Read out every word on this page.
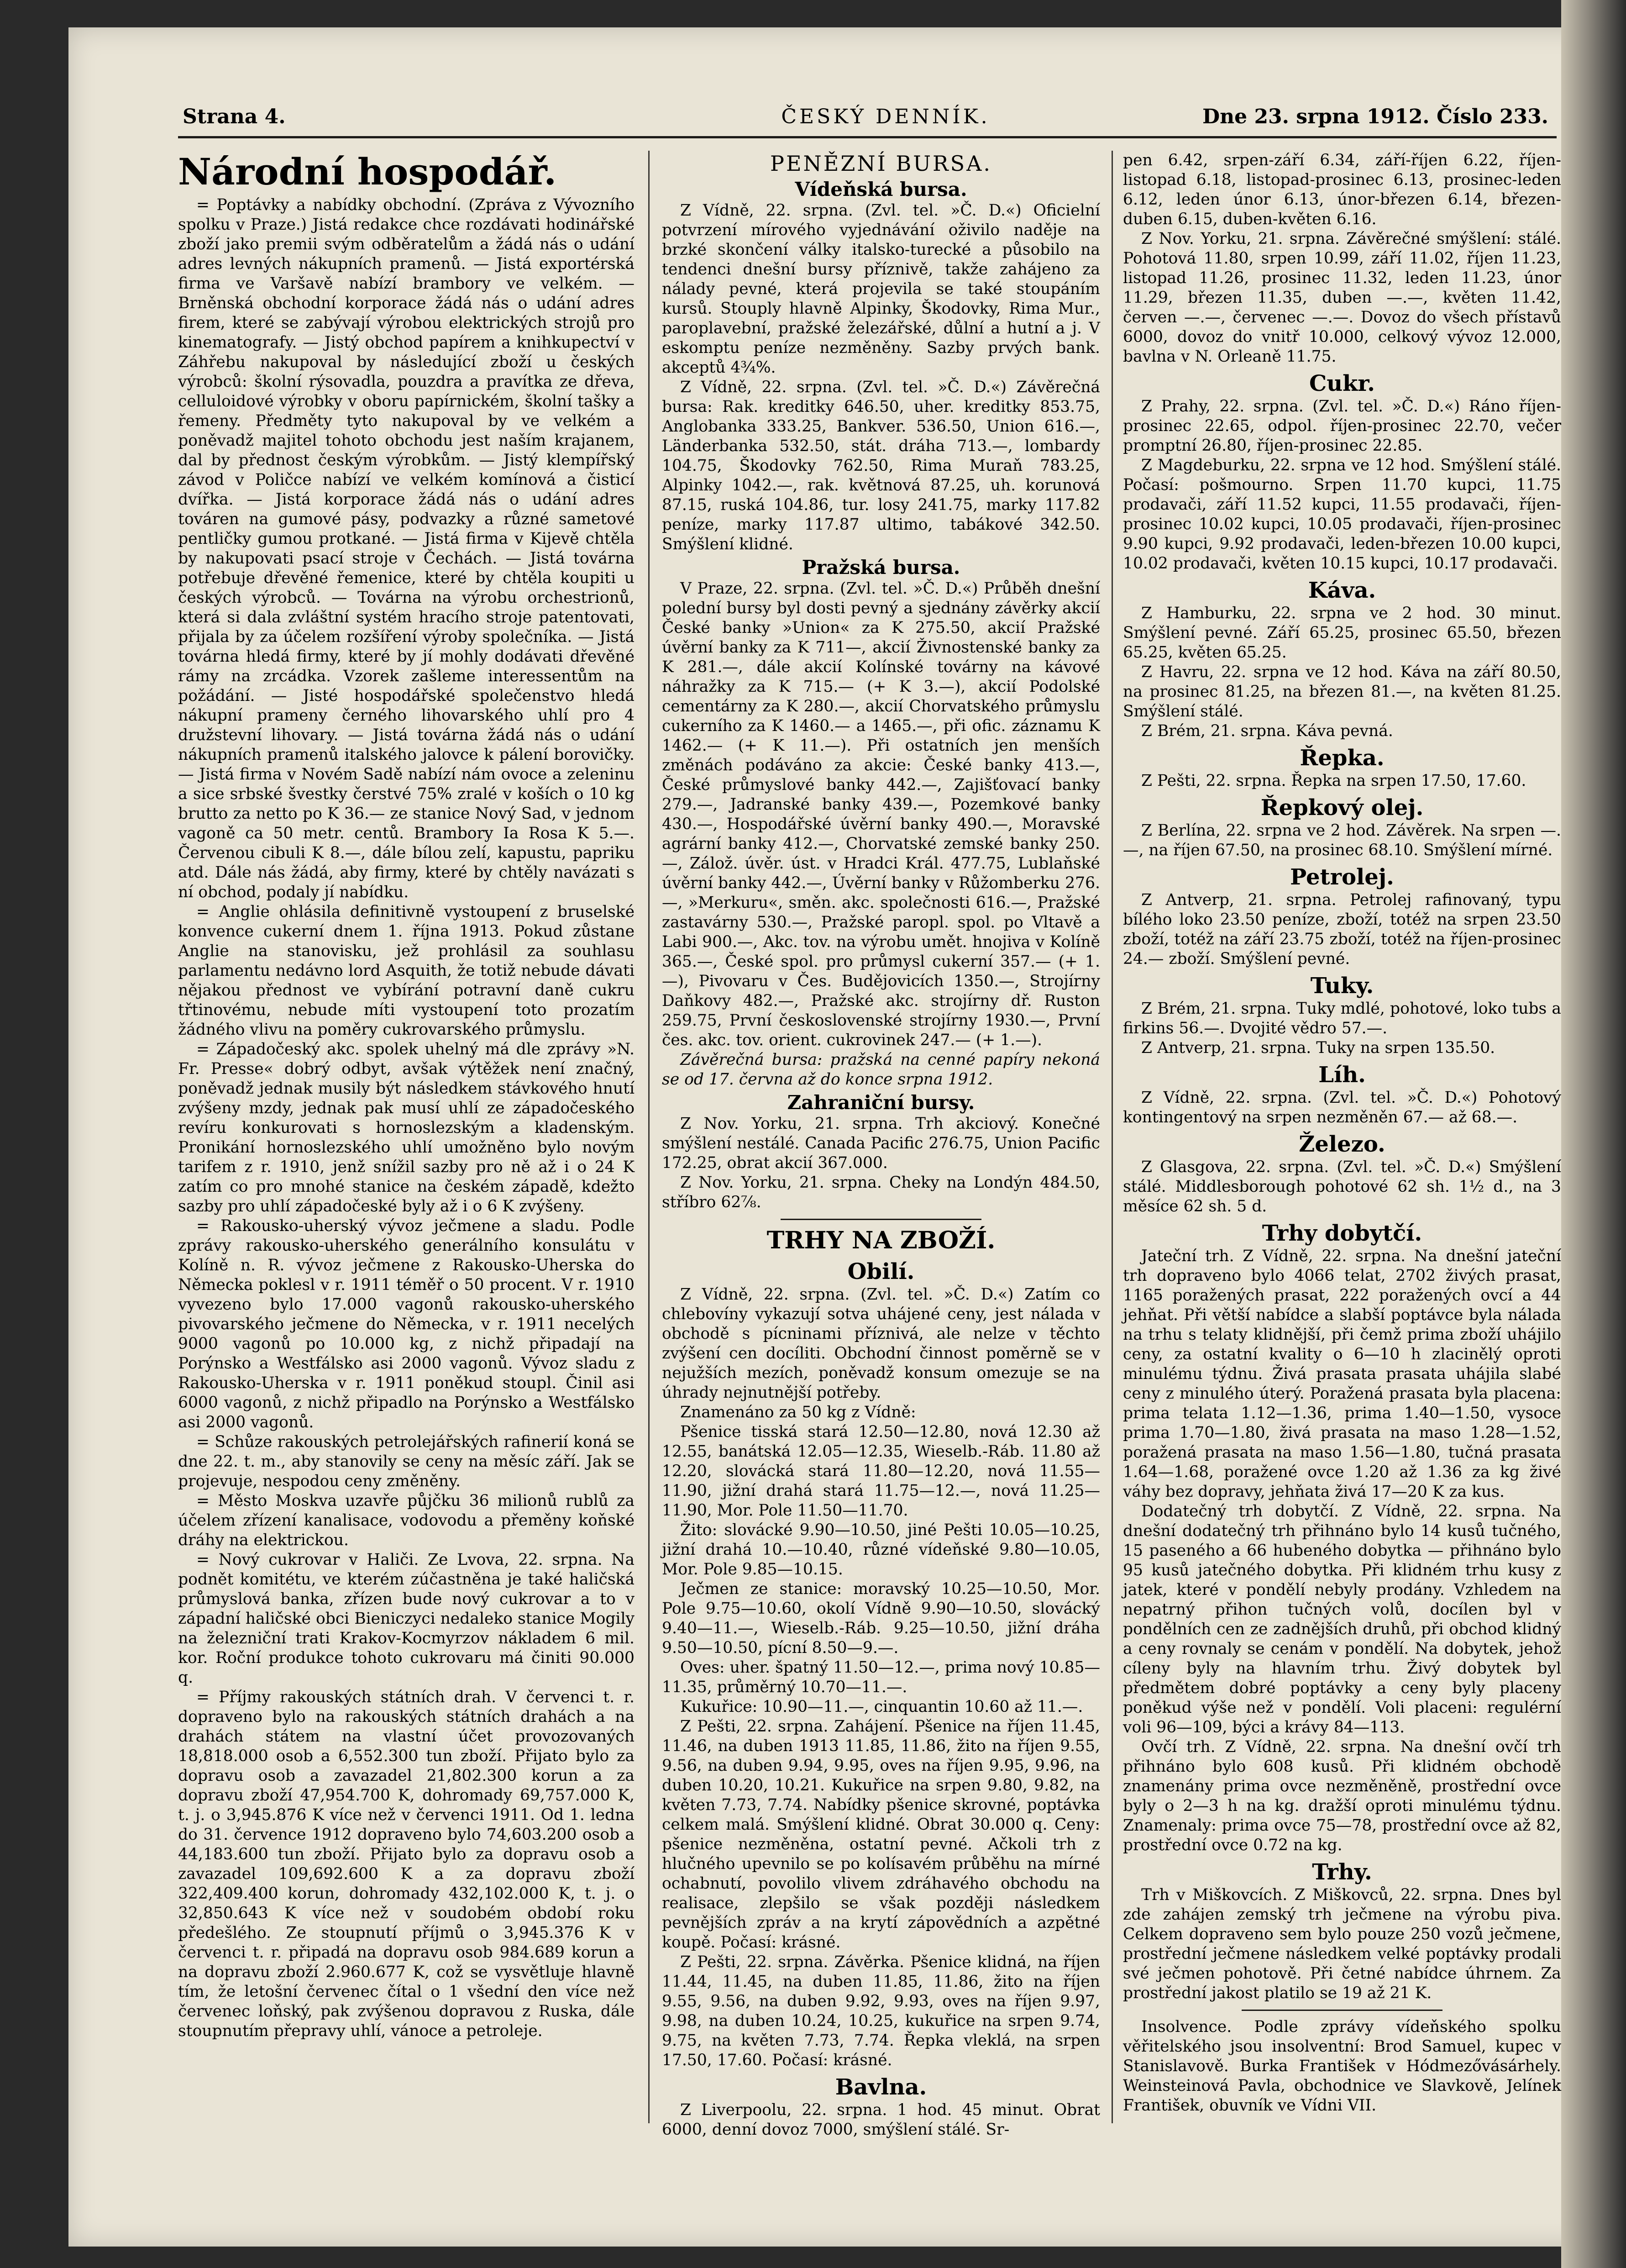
Strana 4.	ČESKÝ DENNÍK.	Dne 23. srpna 1912. Číslo 233.
Národní hospodář.

= Poptávky a nabídky obchodní. (Zpráva z Vývozního spolku v Praze.) Jistá redakce chce rozdávati hodinářské zboží jako premii svým odběratelům a žádá nás o udání adres levných nákupních pramenů. — Jistá exportérská firma ve Varšavě nabízí brambory ve velkém. — Brněnská obchodní korporace žádá nás o udání adres firem, které se zabývají výrobou elektrických strojů pro kinematografy. — Jistý obchod papírem a knihkupectví v Záhřebu nakupoval by následující zboží u českých výrobců: školní rýsovadla, pouzdra a pravítka ze dřeva, celluloidové výrobky v oboru papírnickém, školní tašky a řemeny. Předměty tyto nakupoval by ve velkém a poněvadž majitel tohoto obchodu jest naším krajanem, dal by přednost českým výrobkům. — Jistý klempířský závod v Poličce nabízí ve velkém komínová a čisticí dvířka. — Jistá korporace žádá nás o udání adres továren na gumové pásy, podvazky a různé sametové pentličky gumou protkané. — Jistá firma v Kijevě chtěla by nakupovati psací stroje v Čechách. — Jistá továrna potřebuje dřevěné řemenice, které by chtěla koupiti u českých výrobců. — Továrna na výrobu orchestrionů, která si dala zvláštní systém hracího stroje patentovati, přijala by za účelem rozšíření výroby společníka. — Jistá továrna hledá firmy, které by jí mohly dodávati dřevěné rámy na zrcádka. Vzorek zašleme interessentům na požádání. — Jisté hospodářské společenstvo hledá nákupní prameny černého lihovarského uhlí pro 4 družstevní lihovary. — Jistá továrna žádá nás o udání nákupních pramenů italského jalovce k pálení borovičky. — Jistá firma v Novém Sadě nabízí nám ovoce a zeleninu a sice srbské švestky čerstvé 75% zralé v koších o 10 kg brutto za netto po K 36.— ze stanice Nový Sad, v jednom vagoně ca 50 metr. centů. Brambory Ia Rosa K 5.—. Červenou cibuli K 8.—, dále bílou zelí, kapustu, papriku atd. Dále nás žádá, aby firmy, které by chtěly navázati s ní obchod, podaly jí nabídku.

= Anglie ohlásila definitivně vystoupení z bruselské konvence cukerní dnem 1. října 1913. Pokud zůstane Anglie na stanovisku, jež prohlásil za souhlasu parlamentu nedávno lord Asquith, že totiž nebude dávati nějakou přednost ve vybírání potravní daně cukru třtinovému, nebude míti vystoupení toto prozatím žádného vlivu na poměry cukrovarského průmyslu.

= Západočeský akc. spolek uhelný má dle zprávy »N. Fr. Presse« dobrý odbyt, avšak výtěžek není značný, poněvadž jednak musily být následkem stávkového hnutí zvýšeny mzdy, jednak pak musí uhlí ze západočeského revíru konkurovati s hornoslezským a kladenským. Pronikání hornoslezského uhlí umožněno bylo novým tarifem z r. 1910, jenž snížil sazby pro ně až i o 24 K zatím co pro mnohé stanice na českém západě, kdežto sazby pro uhlí západočeské byly až i o 6 K zvýšeny.

= Rakousko-uherský vývoz ječmene a sladu. Podle zprávy rakousko-uherského generálního konsulátu v Kolíně n. R. vývoz ječmene z Rakousko-Uherska do Německa poklesl v r. 1911 téměř o 50 procent. V r. 1910 vyvezeno bylo 17.000 vagonů rakousko-uherského pivovarského ječmene do Německa, v r. 1911 necelých 9000 vagonů po 10.000 kg, z nichž připadají na Porýnsko a Westfálsko asi 2000 vagonů. Vývoz sladu z Rakousko-Uherska v r. 1911 poněkud stoupl. Činil asi 6000 vagonů, z nichž připadlo na Porýnsko a Westfálsko asi 2000 vagonů.

= Schůze rakouských petrolejářských rafinerií koná se dne 22. t. m., aby stanovily se ceny na měsíc září. Jak se projevuje, nespodou ceny změněny.

= Město Moskva uzavře půjčku 36 milionů rublů za účelem zřízení kanalisace, vodovodu a přeměny koňské dráhy na elektrickou.

= Nový cukrovar v Haliči. Ze Lvova, 22. srpna. Na podnět komitétu, ve kterém zúčastněna je také haličská průmyslová banka, zřízen bude nový cukrovar a to v západní haličské obci Bieniczyci nedaleko stanice Mogily na železniční trati Krakov-Kocmyrzov nákladem 6 mil. kor. Roční produkce tohoto cukrovaru má činiti 90.000 q.

= Příjmy rakouských státních drah. V červenci t. r. dopraveno bylo na rakouských státních drahách a na drahách státem na vlastní účet provozovaných 18,818.000 osob a 6,552.300 tun zboží. Přijato bylo za dopravu osob a zavazadel 21,802.300 korun a za dopravu zboží 47,954.700 K, dohromady 69,757.000 K, t. j. o 3,945.876 K více než v červenci 1911. Od 1. ledna do 31. července 1912 dopraveno bylo 74,603.200 osob a 44,183.600 tun zboží. Přijato bylo za dopravu osob a zavazadel 109,692.600 K a za dopravu zboží 322,409.400 korun, dohromady 432,102.000 K, t. j. o 32,850.643 K více než v soudobém období roku předešlého. Ze stoupnutí příjmů o 3,945.376 K v červenci t. r. připadá na dopravu osob 984.689 korun a na dopravu zboží 2.960.677 K, což se vysvětluje hlavně tím, že letošní červenec čítal o 1 všední den více než červenec loňský, pak zvýšenou dopravou z Ruska, dále stoupnutím přepravy uhlí, vánoce a petroleje.

PENĚZNÍ BURSA.
Vídeňská bursa.

Z Vídně, 22. srpna. (Zvl. tel. »Č. D.«) Oficielní potvrzení mírového vyjednávání oživilo naděje na brzké skončení války italsko-turecké a působilo na tendenci dnešní bursy příznivě, takže zahájeno za nálady pevné, která projevila se také stoupáním kursů. Stouply hlavně Alpinky, Škodovky, Rima Mur., paroplavební, pražské železářské, důlní a hutní a j. V eskomptu peníze nezměněny. Sazby prvých bank. akceptů 4¾%.

Z Vídně, 22. srpna. (Zvl. tel. »Č. D.«) Závěrečná bursa: Rak. kreditky 646.50, uher. kreditky 853.75, Anglobanka 333.25, Bankver. 536.50, Union 616.—, Länderbanka 532.50, stát. dráha 713.—, lombardy 104.75, Škodovky 762.50, Rima Muraň 783.25, Alpinky 1042.—, rak. květnová 87.25, uh. korunová 87.15, ruská 104.86, tur. losy 241.75, marky 117.82 peníze, marky 117.87 ultimo, tabákové 342.50. Smýšlení klidné.

Pražská bursa.

V Praze, 22. srpna. (Zvl. tel. »Č. D.«) Průběh dnešní polední bursy byl dosti pevný a sjednány závěrky akcií České banky »Union« za K 275.50, akcií Pražské úvěrní banky za K 711—, akcií Živnostenské banky za K 281.—, dále akcií Kolínské továrny na kávové náhražky za K 715.— (+ K 3.—), akcií Podolské cementárny za K 280.—, akcií Chorvatského průmyslu cukerního za K 1460.— a 1465.—, při ofic. záznamu K 1462.— (+ K 11.—). Při ostatních jen menších změnách podáváno za akcie: České banky 413.—, České průmyslové banky 442.—, Zajišťovací banky 279.—, Jadranské banky 439.—, Pozemkové banky 430.—, Hospodářské úvěrní banky 490.—, Moravské agrární banky 412.—, Chorvatské zemské banky 250.—, Zálož. úvěr. úst. v Hradci Král. 477.75, Lublaňské úvěrní banky 442.—, Úvěrní banky v Růžomberku 276.—, »Merkuru«, směn. akc. společnosti 616.—, Pražské zastavárny 530.—, Pražské paropl. spol. po Vltavě a Labi 900.—, Akc. tov. na výrobu umět. hnojiva v Kolíně 365.—, České spol. pro průmysl cukerní 357.— (+ 1.—), Pivovaru v Čes. Budějovicích 1350.—, Strojírny Daňkovy 482.—, Pražské akc. strojírny dř. Ruston 259.75, První československé strojírny 1930.—, První čes. akc. tov. orient. cukrovinek 247.— (+ 1.—).

Závěrečná bursa: pražská na cenné papíry nekoná se od 17. června až do konce srpna 1912.

Zahraniční bursy.

Z Nov. Yorku, 21. srpna. Trh akciový. Konečné smýšlení nestálé. Canada Pacific 276.75, Union Pacific 172.25, obrat akcií 367.000.

Z Nov. Yorku, 21. srpna. Cheky na Londýn 484.50, stříbro 62⅞.

TRHY NA ZBOŽÍ.
Obilí.

Z Vídně, 22. srpna. (Zvl. tel. »Č. D.«) Zatím co chlebovíny vykazují sotva uhájené ceny, jest nálada v obchodě s pícninami příznivá, ale nelze v těchto zvýšení cen docíliti. Obchodní činnost poměrně se v nejužších mezích, poněvadž konsum omezuje se na úhrady nejnutnější potřeby.

Znamenáno za 50 kg z Vídně:

Pšenice tisská stará 12.50—12.80, nová 12.30 až 12.55, banátská 12.05—12.35, Wieselb.-Ráb. 11.80 až 12.20, slovácká stará 11.80—12.20, nová 11.55—11.90, jižní drahá stará 11.75—12.—, nová 11.25—11.90, Mor. Pole 11.50—11.70.

Žito: slovácké 9.90—10.50, jiné Pešti 10.05—10.25, jižní drahá 10.—10.40, různé vídeňské 9.80—10.05, Mor. Pole 9.85—10.15.

Ječmen ze stanice: moravský 10.25—10.50, Mor. Pole 9.75—10.60, okolí Vídně 9.90—10.50, slovácký 9.40—11.—, Wieselb.-Ráb. 9.25—10.50, jižní dráha 9.50—10.50, pícní 8.50—9.—.

Oves: uher. špatný 11.50—12.—, prima nový 10.85—11.35, průměrný 10.70—11.—.

Kukuřice: 10.90—11.—, cinquantin 10.60 až 11.—.

Z Pešti, 22. srpna. Zahájení. Pšenice na říjen 11.45, 11.46, na duben 1913 11.85, 11.86, žito na říjen 9.55, 9.56, na duben 9.94, 9.95, oves na říjen 9.95, 9.96, na duben 10.20, 10.21. Kukuřice na srpen 9.80, 9.82, na květen 7.73, 7.74. Nabídky pšenice skrovné, poptávka celkem malá. Smýšlení klidné. Obrat 30.000 q. Ceny: pšenice nezměněna, ostatní pevné. Ačkoli trh z hlučného upevnilo se po kolísavém průběhu na mírné ochabnutí, povolilo vlivem zdráhavého obchodu na realisace, zlepšilo se však později následkem pevnějších zpráv a na krytí zápovědních a azpětné koupě. Počasí: krásné.

Z Pešti, 22. srpna. Závěrka. Pšenice klidná, na říjen 11.44, 11.45, na duben 11.85, 11.86, žito na říjen 9.55, 9.56, na duben 9.92, 9.93, oves na říjen 9.97, 9.98, na duben 10.24, 10.25, kukuřice na srpen 9.74, 9.75, na květen 7.73, 7.74. Řepka vleklá, na srpen 17.50, 17.60. Počasí: krásné.

Bavlna.

Z Liverpoolu, 22. srpna. 1 hod. 45 minut. Obrat 6000, denní dovoz 7000, smýšlení stálé. Sr-

pen 6.42, srpen-září 6.34, září-říjen 6.22, říjen-listopad 6.18, listopad-prosinec 6.13, prosinec-leden 6.12, leden únor 6.13, únor-březen 6.14, březen-duben 6.15, duben-květen 6.16.

Z Nov. Yorku, 21. srpna. Závěrečné smýšlení: stálé. Pohotová 11.80, srpen 10.99, září 11.02, říjen 11.23, listopad 11.26, prosinec 11.32, leden 11.23, únor 11.29, březen 11.35, duben —.—, květen 11.42, červen —.—, červenec —.—. Dovoz do všech přístavů 6000, dovoz do vnitř 10.000, celkový vývoz 12.000, bavlna v N. Orleaně 11.75.

Cukr.

Z Prahy, 22. srpna. (Zvl. tel. »Č. D.«) Ráno říjen-prosinec 22.65, odpol. říjen-prosinec 22.70, večer promptní 26.80, říjen-prosinec 22.85.

Z Magdeburku, 22. srpna ve 12 hod. Smýšlení stálé. Počasí: pošmourno. Srpen 11.70 kupci, 11.75 prodavači, září 11.52 kupci, 11.55 prodavači, říjen-prosinec 10.02 kupci, 10.05 prodavači, říjen-prosinec 9.90 kupci, 9.92 prodavači, leden-březen 10.00 kupci, 10.02 prodavači, květen 10.15 kupci, 10.17 prodavači.

Káva.

Z Hamburku, 22. srpna ve 2 hod. 30 minut. Smýšlení pevné. Září 65.25, prosinec 65.50, březen 65.25, květen 65.25.

Z Havru, 22. srpna ve 12 hod. Káva na září 80.50, na prosinec 81.25, na březen 81.—, na květen 81.25. Smýšlení stálé.

Z Brém, 21. srpna. Káva pevná.

Řepka.

Z Pešti, 22. srpna. Řepka na srpen 17.50, 17.60.

Řepkový olej.

Z Berlína, 22. srpna ve 2 hod. Závěrek. Na srpen —.—, na říjen 67.50, na prosinec 68.10. Smýšlení mírné.

Petrolej.

Z Antverp, 21. srpna. Petrolej rafinovaný, typu bílého loko 23.50 peníze, zboží, totéž na srpen 23.50 zboží, totéž na září 23.75 zboží, totéž na říjen-prosinec 24.— zboží. Smýšlení pevné.

Tuky.

Z Brém, 21. srpna. Tuky mdlé, pohotové, loko tubs a firkins 56.—. Dvojité vědro 57.—.

Z Antverp, 21. srpna. Tuky na srpen 135.50.

Líh.

Z Vídně, 22. srpna. (Zvl. tel. »Č. D.«) Pohotový kontingentový na srpen nezměněn 67.— až 68.—.

Železo.

Z Glasgova, 22. srpna. (Zvl. tel. »Č. D.«) Smýšlení stálé. Middlesborough pohotové 62 sh. 1½ d., na 3 měsíce 62 sh. 5 d.

Trhy dobytčí.

Jateční trh. Z Vídně, 22. srpna. Na dnešní jateční trh dopraveno bylo 4066 telat, 2702 živých prasat, 1165 poražených prasat, 222 poražených ovcí a 44 jehňat. Při větší nabídce a slabší poptávce byla nálada na trhu s telaty klidnější, při čemž prima zboží uhájilo ceny, za ostatní kvality o 6—10 h zlacinělý oproti minulému týdnu. Živá prasata prasata uhájila slabé ceny z minulého úterý. Poražená prasata byla placena: prima telata 1.12—1.36, prima 1.40—1.50, vysoce prima 1.70—1.80, živá prasata na maso 1.28—1.52, poražená prasata na maso 1.56—1.80, tučná prasata 1.64—1.68, poražené ovce 1.20 až 1.36 za kg živé váhy bez dopravy, jehňata živá 17—20 K za kus.

Dodatečný trh dobytčí. Z Vídně, 22. srpna. Na dnešní dodatečný trh přihnáno bylo 14 kusů tučného, 15 paseného a 66 hubeného dobytka — přihnáno bylo 95 kusů jatečného dobytka. Při klidném trhu kusy z jatek, které v pondělí nebyly prodány. Vzhledem na nepatrný přihon tučných volů, docílen byl v pondělních cen ze zadnějších druhů, při obchod klidný a ceny rovnaly se cenám v pondělí. Na dobytek, jehož cíleny byly na hlavním trhu. Živý dobytek byl předmětem dobré poptávky a ceny byly placeny poněkud výše než v pondělí. Voli placeni: regulérní voli 96—109, býci a krávy 84—113.

Ovčí trh. Z Vídně, 22. srpna. Na dnešní ovčí trh přihnáno bylo 608 kusů. Při klidném obchodě znamenány prima ovce nezměněně, prostřední ovce byly o 2—3 h na kg. dražší oproti minulému týdnu. Znamenaly: prima ovce 75—78, prostřední ovce až 82, prostřední ovce 0.72 na kg.

Trhy.

Trh v Miškovcích. Z Miškovců, 22. srpna. Dnes byl zde zahájen zemský trh ječmene na výrobu piva. Celkem dopraveno sem bylo pouze 250 vozů ječmene, prostřední ječmene následkem velké poptávky prodali své ječmen pohotově. Při četné nabídce úhrnem. Za prostřední jakost platilo se 19 až 21 K.

Insolvence. Podle zprávy vídeňského spolku věřitelského jsou insolventní: Brod Samuel, kupec v Stanislavově. Burka František v Hódmezővásárhely. Weinsteinová Pavla, obchodnice ve Slavkově, Jelínek František, obuvník ve Vídni VII.
